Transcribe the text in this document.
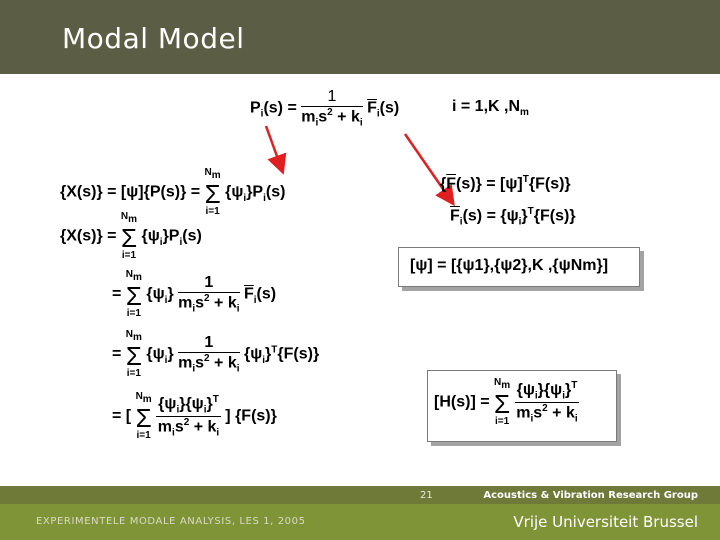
Modal Model
$P_i(s) = \frac{1}{m_is^2 + k_i} \overline{F}_i(s)$	i = 1,K $,N_m$
{X(s)} = [ψ]{P(s)} =
$N_m$
Σ
i=1
$\{\psi_i\}P_i(s)$
{X(s)} =
$N_m$
Σ
i=1
$\{\psi_i\}P_i(s)$
=
$N_m$
Σ
i=1
$\{\psi_i\} \frac{1}{m_is^2 + k_i} \overline{F}_i(s)$
=
$N_m$
Σ
i=1
$\{\psi_i\} \frac{1}{m_is^2 + k_i} \{\psi_i\}^T\{F(s)\}$
= [
$N_m$
Σ
i=1
$\frac{\{\psi_i\}\{\psi_i\}^T}{m_is^2 + k_i}$ ] {F(s)}
$\{\overline{F}(s)\} = [\psi]^T\{F(s)\}$
$\overline{F}_i(s) = \{\psi_i\}^T\{F(s)\}$
[ψ] = [{ψ1},{ψ2},K ,{ψNm}]
[H(s)] =
$N_m$
Σ
i=1
$\frac{\{\psi_i\}\{\psi_i\}^T}{m_is^2 + k_i}$
21	Acoustics & Vibration Research Group
EXPERIMENTELE MODALE ANALYSIS, LES 1, 2005	Vrije Universiteit Brussel
